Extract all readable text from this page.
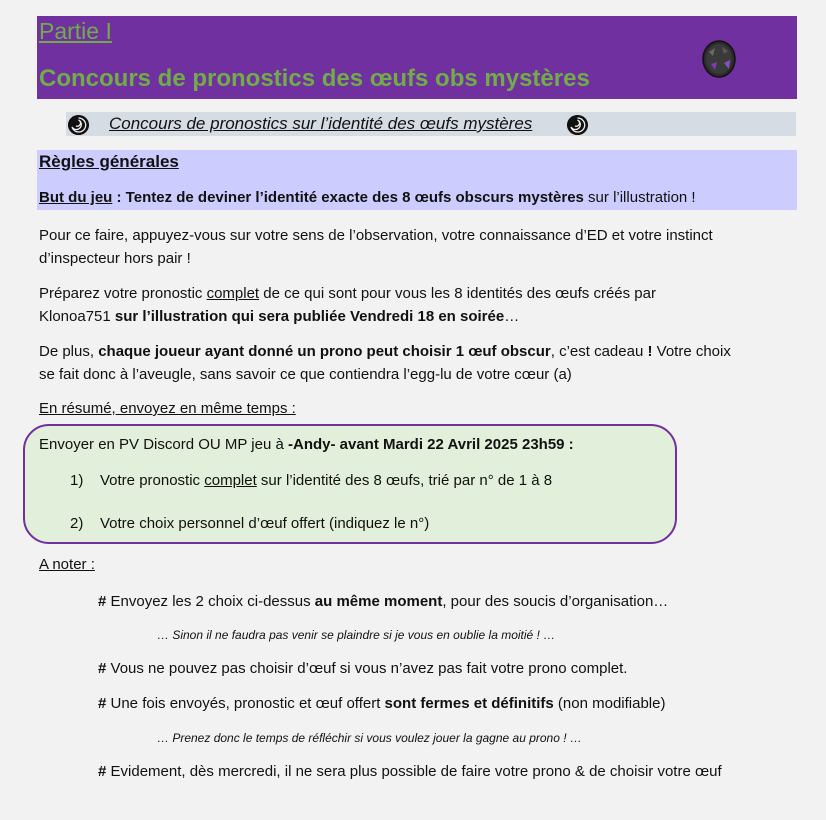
Partie I
Concours de pronostics des œufs obs mystères
Concours de pronostics sur l’identité des œufs mystères
Règles générales
But du jeu : Tentez de deviner l’identité exacte des 8 œufs obscurs mystères sur l’illustration !
Pour ce faire, appuyez-vous sur votre sens de l’observation, votre connaissance d’ED et votre instinct
d’inspecteur hors pair !
Préparez votre pronostic complet de ce qui sont pour vous les 8 identités des œufs créés par
Klonoa751 sur l’illustration qui sera publiée Vendredi 18 en soirée…
De plus, chaque joueur ayant donné un prono peut choisir 1 œuf obscur, c’est cadeau ! Votre choix
se fait donc à l’aveugle, sans savoir ce que contiendra l’egg-lu de votre cœur (a)
En résumé, envoyez en même temps :
Envoyer en PV Discord OU MP jeu à -Andy- avant Mardi 22 Avril 2025 23h59 :
1) Votre pronostic complet sur l’identité des 8 œufs, trié par n° de 1 à 8
2) Votre choix personnel d’œuf offert (indiquez le n°)
A noter :
# Envoyez les 2 choix ci-dessus au même moment, pour des soucis d’organisation…
… Sinon il ne faudra pas venir se plaindre si je vous en oublie la moitié ! …
# Vous ne pouvez pas choisir d’œuf si vous n’avez pas fait votre prono complet.
# Une fois envoyés, pronostic et œuf offert sont fermes et définitifs (non modifiable)
… Prenez donc le temps de réfléchir si vous voulez jouer la gagne au prono ! …
# Evidement, dès mercredi, il ne sera plus possible de faire votre prono & de choisir votre œuf
